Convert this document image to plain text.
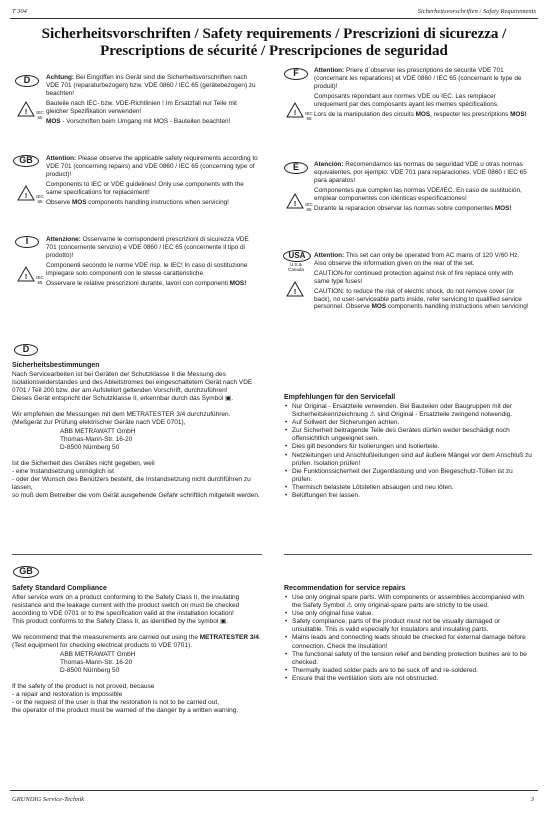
T 304	Sicherheitsvorschriften / Safety Requirements
Sicherheitsvorschriften / Safety requirements / Prescrizioni di sicurezza /
Prescriptions de sécurité / Prescripciones de seguridad
D	Achtung: Bei Eingriffen ins Gerät sind die Sicherheitsvorschriften nach VDE 701 (reparaturbezogen) bzw. VDE 0860 / IEC 65 (gerätebezogen) zu beachten!

Bauteile nach IEC- bzw. VDE-Richtlinien ! Im Ersatzfall nur Teile mit gleicher Spezifikation verwenden!

MOS - Vorschriften beim Umgang mit MOS - Bauteilen beachten!

!	IEC 65
GB	Attention: Please observe the applicable safety requirements according to VDE 701 (concerning repairs) and VDE 0860 / IEC 65 (concerning type of product)!

Components to IEC or VDE guidelines! Only use components with the same specifications for replacement!

Observe MOS components handling instructions when servicing!

!	IEC 65
I	Attenzione: Osservarne le corrispondenti prescrizioni di sicurezza VDE 701 (concernente servizio) e VDE 0860 / IEC 65 (concernente il tipo di prodotto)!

Componenti secondo le norme VDE risp. le IEC! In caso di sostituzione impiegare solo componenti con le stesse caratteristiche.

Osservare le relative prescrizioni durante, lavori con componenti MOS!

!	IEC 65
F	Attention: Priere d`observer les prescriptions de securite VDE 701 (concernant les reparations) et VDE 0860 / IEC 65 (concernant le type de produit)!

Composants répondant aux normes VDE ou IEC. Les remplacer uniquement par des composants ayant les memes spécifications.

Lors de la manipulation des circuits MOS, respecter les prescriptions MOS!

!	IEC 65
E	Atención: Recomendamos las normas de seguridad VDE u otras normas equivalentes, por ejemplo: VDE 701 para reparaciones, VDE 0860 / IEC 65 para aparatos!

Componentes que cumplen las normas VDE/IEC. En caso de sustitución, emplear componentes con idénticas especificaciones!

Durante la reparacion observar las normas sobre componentes MOS!

!	IEC 65
USA
U.S.&
Canada

Attention: This set can only be operated from AC mains of 120 V/60 Hz. Also observe the information given on the rear of the set.

CAUTION-for continued protection against risk of fire replace only with same type fuses!

CAUTION: to reduce the risk of electric shock, do not remove cover (or back), no user-serviceable parts inside, refer servicing to qualified service personnel. Observe MOS components handling instructions when servicing!

!
D
Sicherheitsbestimmungen

Nach Servicearbeiten ist bei Geräten der Schutzklasse II die Messung des Isolationswiderstandes und des Ableitstromes bei eingeschaltetem Gerät nach VDE 0701 / Teil 200 bzw. der am Aufstellort geltenden Vorschrift, durchzuführen!

Dieses Gerät entspricht der Schutzklasse II, erkennbar durch das Symbol ▣.

Wir empfehlen die Messungen mit dem METRATESTER 3/4 durchzuführen. (Meßgerät zur Prüfung elektrischer Geräte nach VDE 0701),

ABB METRAWATT GmbH

Thomas-Mann-Str. 16-20

D-8500 Nürnberg 50

Ist die Sicherheit des Gerätes nicht gegeben, weil

- eine Instandsetzung unmöglich ist

- oder der Wunsch des Benützers besteht, die Instandsetzung nicht durchführen zu lassen,

so muß dem Betreiber die vom Gerät ausgehende Gefahr schriftlich mitgeteilt werden.

Empfehlungen für den Servicefall
• Nur Original - Ersatzteile verwenden. Bei Bauteilen oder Baugruppen mit der Sicherheitskennzeichnung ⚠ sind Original - Ersatzteile zwingend notwendig.
• Auf Sollwert der Sicherungen achten.
• Zur Sicherheit beitragende Teile des Gerätes dürfen weder beschädigt noch offensichtlich ungeeignet sein.
• Dies gilt besonders für Isolierungen und Isolierteile.
• Netzleitungen und Anschlußleitungen sind auf äußere Mängel vor dem Anschluß zu prüfen. Isolation prüfen!
• Die Funktionssicherheit der Zugentlastung und von Biegeschutz-Tüllen ist zu prüfen.
• Thermisch belastete Lötstellen absaugen und neu löten.
• Belüftungen frei lassen.
GB
Safety Standard Compliance

After service work on a product conforming to the Safety Class II, the insulating resistance and the leakage current with the product switch on must be checked according to VDE 0701 or to the specification valid at the installation location!

This product conforms to the Safety Class II, as identified by the symbol ▣.

We recommend that the measurements are carried out using the METRATESTER 3/4. (Test equipment for checking electrical products to VDE 0701).

ABB METRAWATT GmbH

Thomas-Mann-Str. 16-20

D-8500 Nürnberg 50

If the safety of the product is not proved, because

- a repair and restoration is impossible

- or the request of the user is that the restoration is not to be carried out,

the operator of the product must be warned of the danger by a written warning.

Recommendation for service repairs
• Use only original spare parts. With components or assemblies accompanied with the Safety Symbol ⚠ only original-spare parts are strictly to be used.
• Use only original fuse value.
• Safety compliance, parts of the product must not be visually damaged or unsuitable. This is valid especially for insulators and insulating parts.
• Mains leads and connecting leads should be checked for external damage before connection. Check the insulation!
• The functional safety of the tension relief and bending protection bushes are to be checked.
• Thermally loaded solder pads are to be suck off and re-soldered.
• Ensure that the ventilation slots are not obstructed.
GRUNDIG Service-Technik	3
